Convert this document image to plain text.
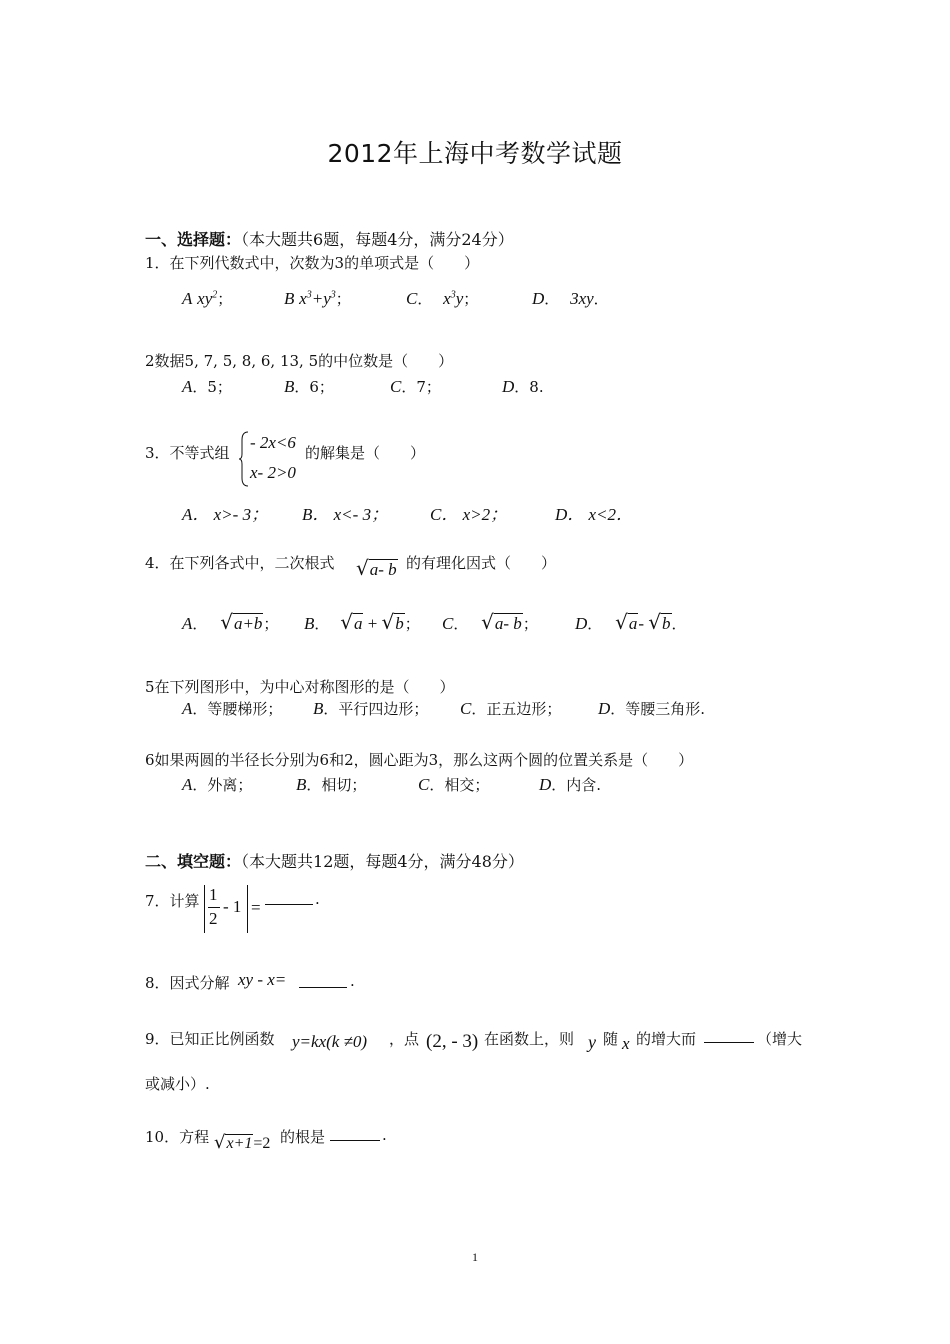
2012年上海中考数学试题
一、选择题：（本大题共6题，每题4分，满分24分）
1．在下列代数式中，次数为3的单项式是（　　）
A $xy^2$；	B $x^3+y^3$；	C． $x^3y$；	D． 3xy．
2数据5, 7, 5, 8, 6, 13, 5的中位数是（　　）
A．5；	B．6；	C．7；	D．8.
3．不等式组
- 2x<6
x- 2>0
的解集是（　　）
A． x>- 3； B． x<- 3； C． x>2；	D． x<2．
4．在下列各式中，二次根式 √a- b 的有理化因式（　　）
A． √a+b； B． √a + √b； C． √a- b； D． √a- √b．
5在下列图形中，为中心对称图形的是（　　）
A．等腰梯形； B．平行四边形； C．正五边形； D．等腰三角形.
6如果两圆的半径长分别为6和2，圆心距为3，那么这两个圆的位置关系是（　　）
A．外离；	B．相切；	C．相交；	D．内含.
二、填空题：（本大题共12题，每题4分，满分48分）
7．计算 1
2
- 1 =	.
8．因式分解 xy - x=	.
9．已知正比例函数 y=kx(k ≠0) ，点 (2, - 3) 在函数上，则 y 随 x 的增大而	（增大
或减小）.
10．方程 √x+1=2 的根是	.
1
